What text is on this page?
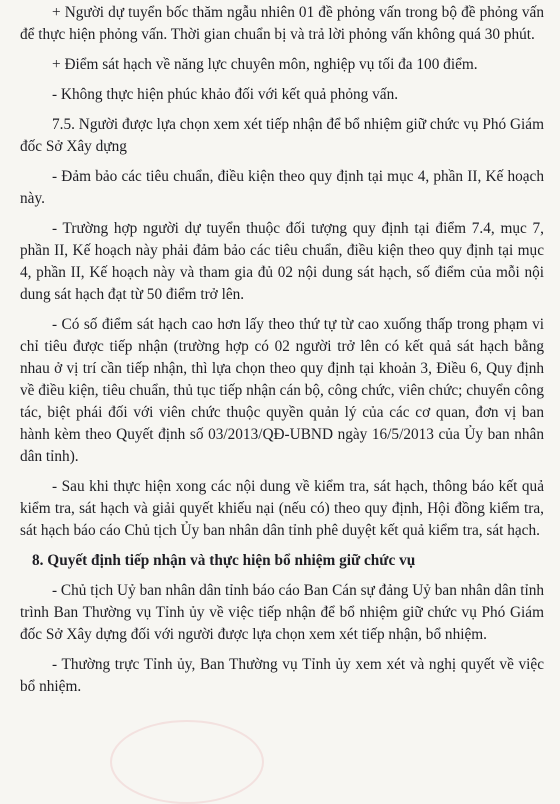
+ Người dự tuyển bốc thăm ngẫu nhiên 01 đề phỏng vấn trong bộ đề phỏng vấn để thực hiện phỏng vấn. Thời gian chuẩn bị và trả lời phỏng vấn không quá 30 phút.

+ Điểm sát hạch về năng lực chuyên môn, nghiệp vụ tối đa 100 điểm.

- Không thực hiện phúc khảo đối với kết quả phỏng vấn.

7.5. Người được lựa chọn xem xét tiếp nhận để bổ nhiệm giữ chức vụ Phó Giám đốc Sở Xây dựng

- Đảm bảo các tiêu chuẩn, điều kiện theo quy định tại mục 4, phần II, Kế hoạch này.

- Trường hợp người dự tuyển thuộc đối tượng quy định tại điểm 7.4, mục 7, phần II, Kế hoạch này phải đảm bảo các tiêu chuẩn, điều kiện theo quy định tại mục 4, phần II, Kế hoạch này và tham gia đủ 02 nội dung sát hạch, số điểm của mỗi nội dung sát hạch đạt từ 50 điểm trở lên.

- Có số điểm sát hạch cao hơn lấy theo thứ tự từ cao xuống thấp trong phạm vi chỉ tiêu được tiếp nhận (trường hợp có 02 người trở lên có kết quả sát hạch bằng nhau ở vị trí cần tiếp nhận, thì lựa chọn theo quy định tại khoản 3, Điều 6, Quy định về điều kiện, tiêu chuẩn, thủ tục tiếp nhận cán bộ, công chức, viên chức; chuyển công tác, biệt phái đối với viên chức thuộc quyền quản lý của các cơ quan, đơn vị ban hành kèm theo Quyết định số 03/2013/QĐ-UBND ngày 16/5/2013 của Ủy ban nhân dân tỉnh).

- Sau khi thực hiện xong các nội dung về kiểm tra, sát hạch, thông báo kết quả kiểm tra, sát hạch và giải quyết khiếu nại (nếu có) theo quy định, Hội đồng kiểm tra, sát hạch báo cáo Chủ tịch Ủy ban nhân dân tỉnh phê duyệt kết quả kiểm tra, sát hạch.

8. Quyết định tiếp nhận và thực hiện bổ nhiệm giữ chức vụ

- Chủ tịch Uỷ ban nhân dân tỉnh báo cáo Ban Cán sự đảng Uỷ ban nhân dân tỉnh trình Ban Thường vụ Tỉnh ủy về việc tiếp nhận để bổ nhiệm giữ chức vụ Phó Giám đốc Sở Xây dựng đối với người được lựa chọn xem xét tiếp nhận, bổ nhiệm.

- Thường trực Tỉnh ủy, Ban Thường vụ Tỉnh ủy xem xét và nghị quyết về việc bổ nhiệm.
